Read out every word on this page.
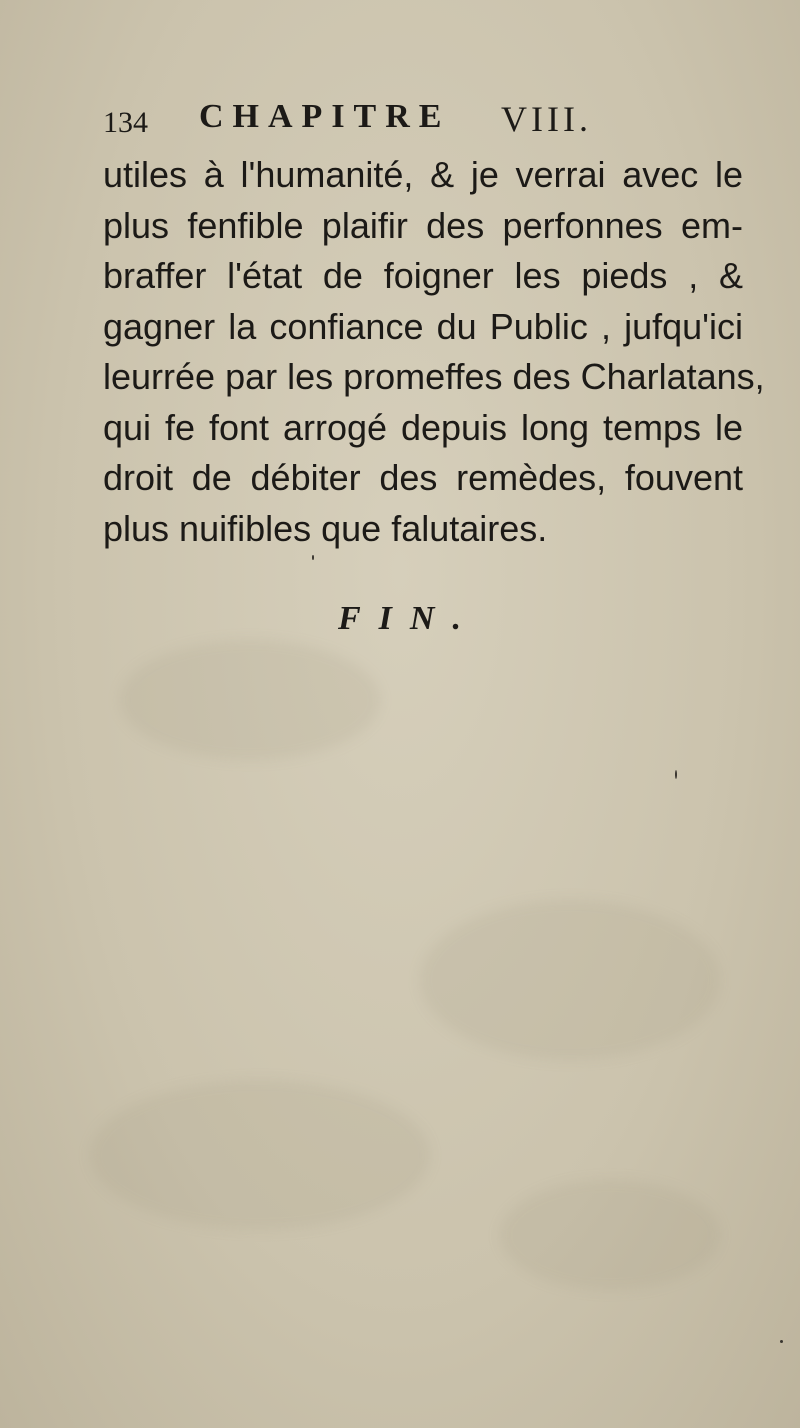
134 CHAPITRE VIII.

utiles à l'humanité, & je verrai avec le
plus fenfible plaifir des perfonnes em-
braffer l'état de foigner les pieds , &
gagner la confiance du Public , jufqu'ici
leurrée par les promeffes des Charlatans,
qui fe font arrogé depuis long temps le
droit de débiter des remèdes, fouvent
plus nuifibles que falutaires.

FIN.
